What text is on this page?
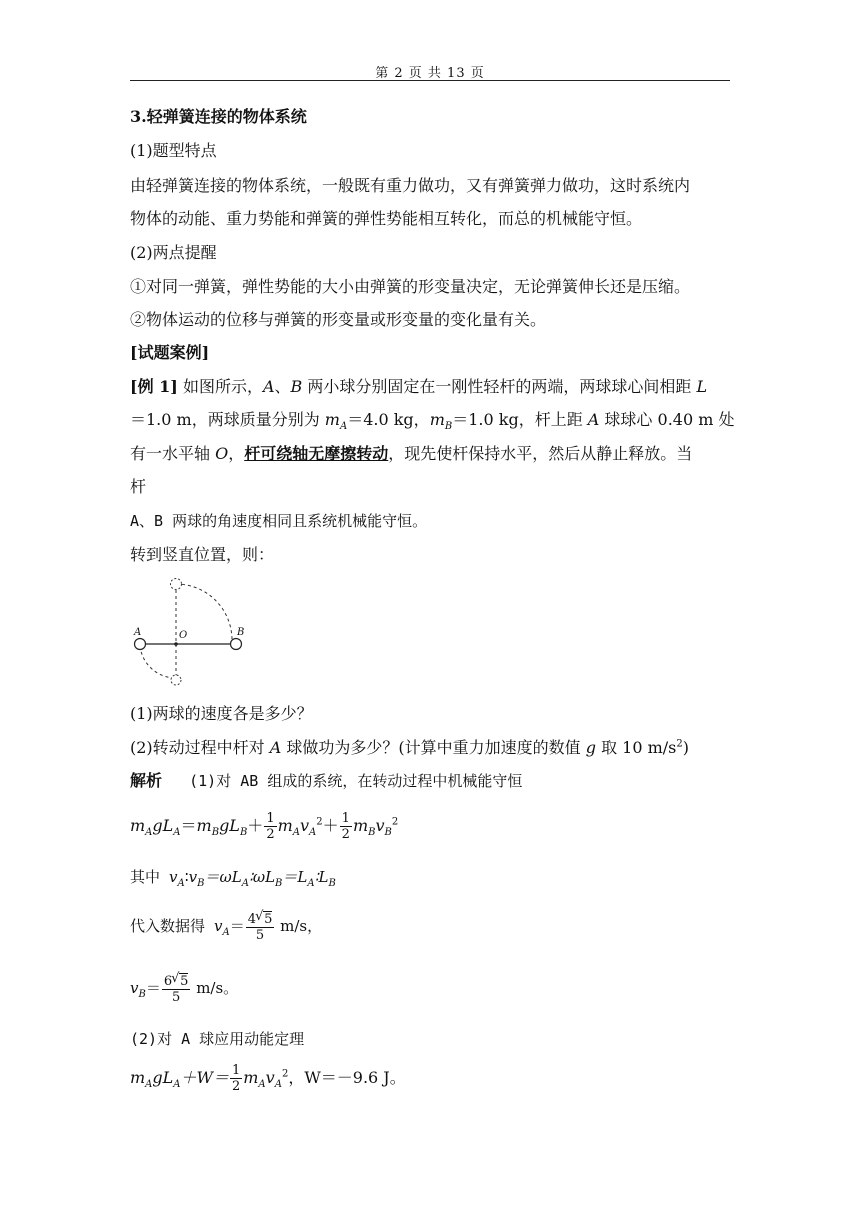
第 2 页 共 13 页
3.轻弹簧连接的物体系统
(1)题型特点
由轻弹簧连接的物体系统，一般既有重力做功，又有弹簧弹力做功，这时系统内
物体的动能、重力势能和弹簧的弹性势能相互转化，而总的机械能守恒。
(2)两点提醒
①对同一弹簧，弹性势能的大小由弹簧的形变量决定，无论弹簧伸长还是压缩。
②物体运动的位移与弹簧的形变量或形变量的变化量有关。
[试题案例]
[例 1] 如图所示，A、B 两小球分别固定在一刚性轻杆的两端，两球球心间相距 L
＝1.0 m，两球质量分别为 $m_A=4.0$ kg，$m_B=1.0$ kg，杆上距 A 球球心 0.40 m 处
有一水平轴 O，杆可绕轴无摩擦转动，现先使杆保持水平，然后从静止释放。当
杆
A、B 两球的角速度相同且系统机械能守恒。
转到竖直位置，则：
A	O	B
(1)两球的速度各是多少？
(2)转动过程中杆对 A 球做功为多少？(计算中重力加速度的数值 g 取 10 $m/s^2$)
解析 (1)对 AB 组成的系统，在转动过程中机械能守恒
$m_AgL_A=m_BgL_B+ \frac{1}{2} m_Av_A^2+ \frac{1}{2} m_Bv_B^2$
其中 $v_A∶v_B=\omega L_A∶\omega L_B=L_A∶L_B$
代入数据得 $v_A= \frac{4 √ 5}{5} m/s$，
$v_B= \frac{6 √ 5}{5} m/s$。
(2)对 A 球应用动能定理
$m_AgL_A+W= \frac{1}{2} m_Av_A^2$，W＝－9.6 J。
